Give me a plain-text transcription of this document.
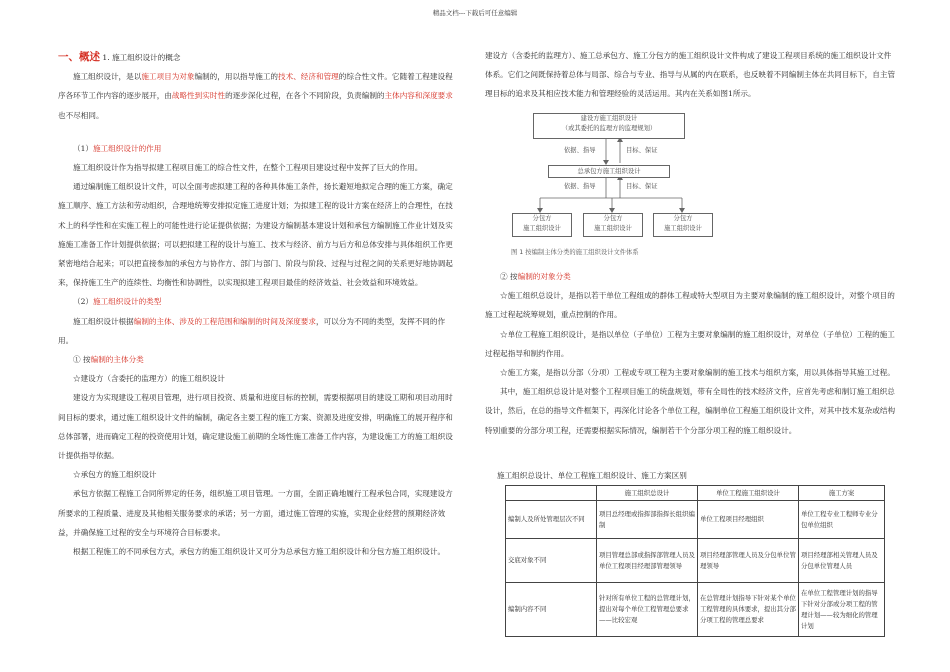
精品文档---下载后可任意编辑

一、概述 1. 施工组织设计的概念

施工组织设计，是以施工项目为对象编制的，用以指导施工的技术、经济和管理的综合性文件。它随着工程建设程序各环节工作内容的逐步展开，由战略性到实时性的逐步深化过程，在各个不同阶段，负责编制的主体内容和深度要求也不尽相同。

（1）施工组织设计的作用

施工组织设计作为指导拟建工程项目施工的综合性文件，在整个工程项目建设过程中发挥了巨大的作用。

通过编制施工组织设计文件，可以全面考虑拟建工程的各种具体施工条件，扬长避短地拟定合理的施工方案，确定施工顺序、施工方法和劳动组织，合理地统筹安排拟定施工进度计划；为拟建工程的设计方案在经济上的合理性，在技术上的科学性和在实施工程上的可能性进行论证提供依据；为建设方编制基本建设计划和承包方编制施工作业计划及实施施工准备工作计划提供依据；可以把拟建工程的设计与施工、技术与经济、前方与后方和总体安排与具体组织工作更紧密地结合起来；可以把直接参加的承包方与协作方、部门与部门、阶段与阶段、过程与过程之间的关系更好地协调起来，保持施工生产的连续性、均衡性和协调性，以实现拟建工程项目最佳的经济效益、社会效益和环境效益。

（2）施工组织设计的类型

施工组织设计根据编制的主体、涉及的工程范围和编制的时间及深度要求，可以分为不同的类型，发挥不同的作用。

① 按编制的主体分类

☆建设方（含委托的监理方）的施工组织设计

建设方为实现建设工程项目管理，进行项目投资、质量和进度目标的控制，需要根据项目的建设工期和项目动用时间目标的要求，通过施工组织设计文件的编制，确定各主要工程的施工方案、资源及进度安排，明确施工的展开程序和总体部署，进而确定工程的投资使用计划，确定建设施工前期的全场性施工准备工作内容，为建设施工方的施工组织设计提供指导依据。

☆承包方的施工组织设计

承包方依据工程施工合同所界定的任务，组织施工项目管理。一方面，全面正确地履行工程承包合同，实现建设方所要求的工程质量、进度及其他相关服务要求的承诺；另一方面，通过施工管理的实施，实现企业经营的预期经济效益，并确保施工过程的安全与环境符合目标要求。

根据工程施工的不同承包方式，承包方的施工组织设计又可分为总承包方施工组织设计和分包方施工组织设计。

建设方（含委托的监理方）、施工总承包方、施工分包方的施工组织设计文件构成了建设工程项目系统的施工组织设计文件体系。它们之间既保持着总体与局部、综合与专业、指导与从属的内在联系，也反映着不同编制主体在共同目标下，自主管理目标的追求及其相应技术能力和管理经验的灵活运用。其内在关系如图1所示。

建设方施工组织设计
（或其委托的监理方的监理规划）
依据、指导	目标、保证
总承包方施工组织设计
依据、指导	目标、保证
分包方
施工组织设计
分包方
施工组织设计
分包方
施工组织设计
图 1 按编制主体分类的施工组织设计文件体系

② 按编制的对象分类

☆施工组织总设计，是指以若干单位工程组成的群体工程或特大型项目为主要对象编制的施工组织设计，对整个项目的施工过程起统筹规划，重点控制的作用。

☆单位工程施工组织设计，是指以单位（子单位）工程为主要对象编制的施工组织设计，对单位（子单位）工程的施工过程起指导和制约作用。

☆施工方案，是指以分部（分项）工程或专项工程为主要对象编制的施工技术与组织方案，用以具体指导其施工过程。

其中，施工组织总设计是对整个工程项目施工的统盘规划，带有全局性的技术经济文件，应首先考虑和制订施工组织总设计，然后，在总的指导文件框架下，再深化讨论各个单位工程，编制单位工程施工组织设计文件，对其中技术复杂或结构特别重要的分部分项工程，还需要根据实际情况，编制若干个分部分项工程的施工组织设计。

施工组织总设计、单位工程施工组织设计、施工方案区别
	施工组织总设计	单位工程施工组织设计	施工方案
编制人及所处管理层次不同	项目总经理或指挥部指挥长组织编制	单位工程项目经理组织	单位工程专业工程师专业分包单位组织
交底对象不同	项目管理总部或指挥部管理人员及单位工程项目经理部管理领导	项目经理部管理人员及分包单位管理领导	项目经理部相关管理人员及分包单位管理人员
编制内容不同	针对所有单位工程的总管理计划，提出对每个单位工程管理总要求——比较宏观	在总管理计划指导下针对某个单位工程管理的具体要求，提出其分部分项工程的管理总要求	在单位工程管理计划的指导下针对分部或分项工程的管理计划——较为细化的管理计划
